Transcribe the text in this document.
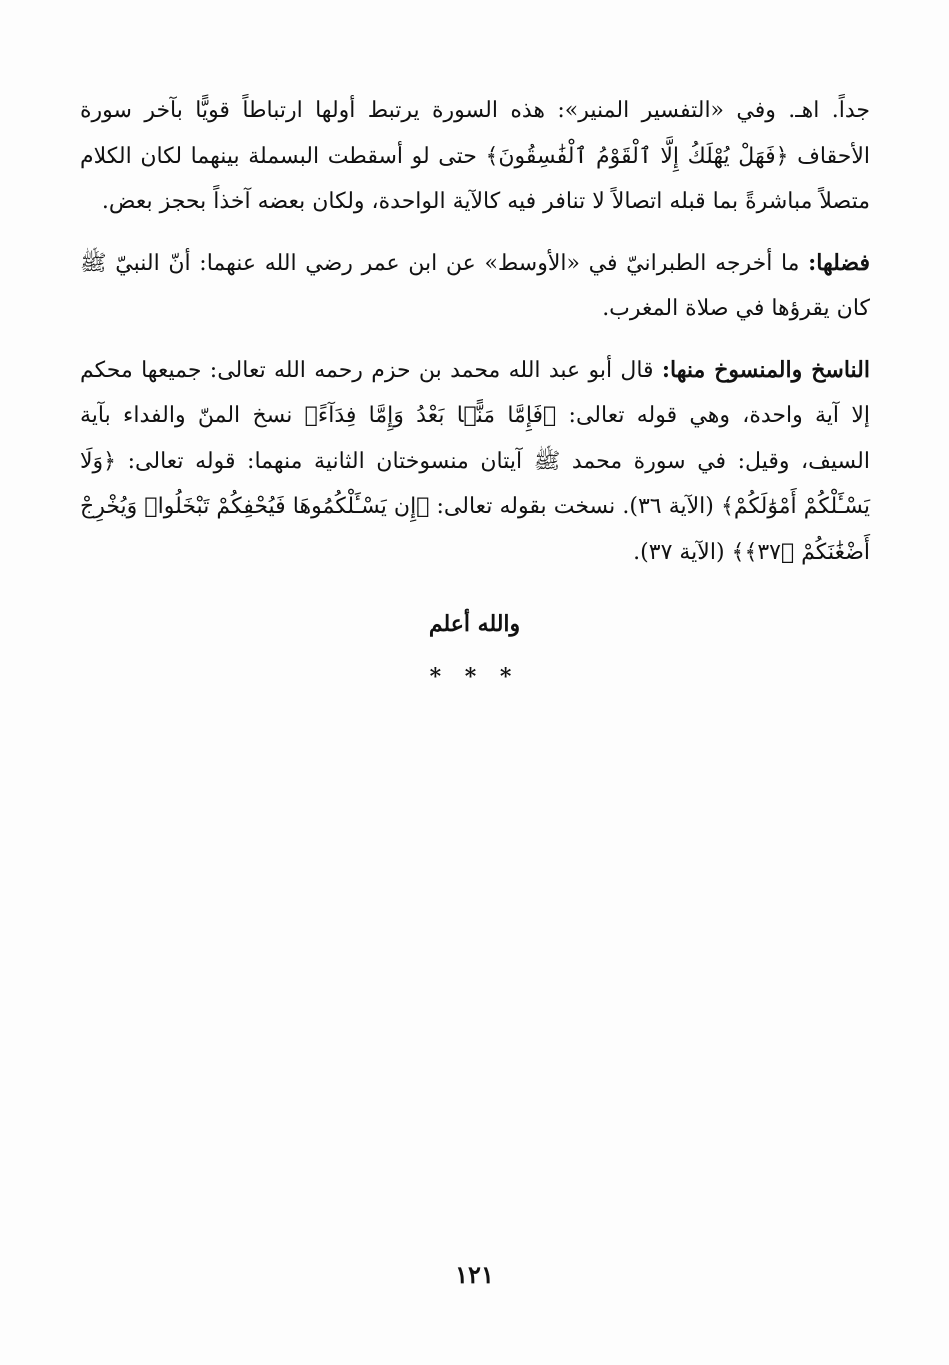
جداً. اهـ. وفي «التفسير المنير»: هذه السورة يرتبط أولها ارتباطاً قويًّا بآخر سورة الأحقاف ﴿فَهَلْ يُهْلَكُ إِلَّا ٱلْقَوْمُ ٱلْفَٰسِقُونَ﴾ حتى لو أسقطت البسملة بينهما لكان الكلام متصلاً مباشرةً بما قبله اتصالاً لا تنافر فيه كالآية الواحدة، ولكان بعضه آخذاً بحجز بعض.

فضلها: ما أخرجه الطبرانيّ في «الأوسط» عن ابن عمر رضي الله عنهما: أنّ النبيّ ﷺ كان يقرؤها في صلاة المغرب.

الناسخ والمنسوخ منها: قال أبو عبد الله محمد بن حزم رحمه الله تعالى: جميعها محكم إلا آية واحدة، وهي قوله تعالى: ﴿فَإِمَّا مَنًّۢا بَعْدُ وَإِمَّا فِدَآءً﴾ نسخ المنّ والفداء بآية السيف، وقيل: في سورة محمد ﷺ آيتان منسوختان الثانية منهما: قوله تعالى: ﴿وَلَا يَسْـَٔلْكُمْ أَمْوَٰلَكُمْ﴾ (الآية ٣٦). نسخت بقوله تعالى: ﴿إِن يَسْـَٔلْكُمُوهَا فَيُحْفِكُمْ تَبْخَلُوا۟ وَيُخْرِجْ أَضْغَٰنَكُمْ ﴿٣٧﴾﴾ (الآية ٣٧).

والله أعلم
* * *
١٢١
